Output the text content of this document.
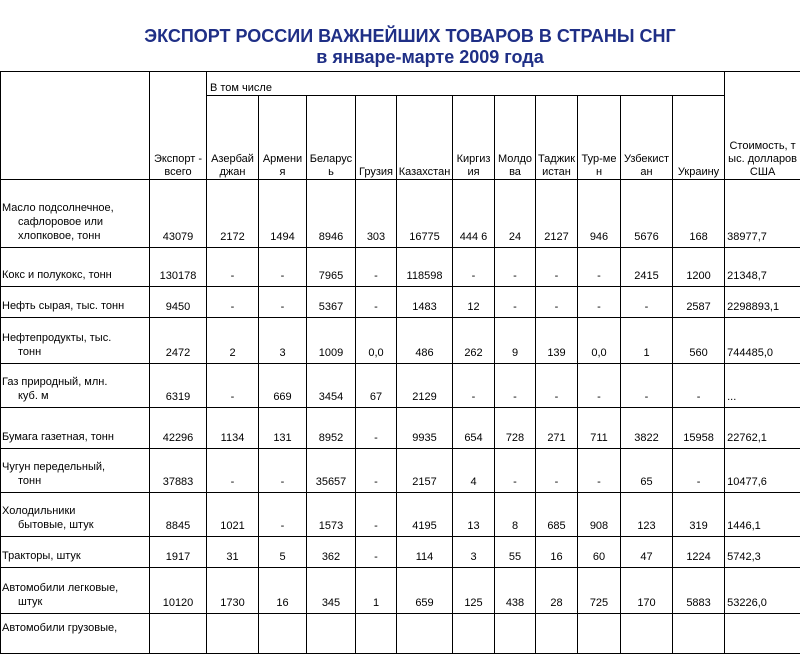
ЭКСПОРТ РОССИИ ВАЖНЕЙШИХ ТОВАРОВ В СТРАНЫ СНГ
в январе-марте 2009 года
	Экспорт - всего	В том числе											Стоимость, тыс. долларов США
		Азербайджан	Армения	Беларусь	Грузия	Казахстан	Киргизия	Молдова	Таджикистан	Тур-мен	Узбекистан	Украину	

Масло подсолнечное,
сафлоровое или
хлопковое, тонн	43079	2172	1494	8946	303	16775	444 6	24	2127	946	5676	168	38977,7

Кокс и полукокс, тонн	130178	-	-	7965	-	118598	-	-	-	-	2415	1200	21348,7

Нефть сырая, тыс. тонн	9450	-	-	5367	-	1483	12	-	-	-	-	2587	2298893,1

Нефтепродукты, тыс.
тонн	2472	2	3	1009	0,0	486	262	9	139	0,0	1	560	744485,0

Газ природный, млн.
куб. м	6319	-	669	3454	67	2129	-	-	-	-	-	-	...

Бумага газетная, тонн	42296	1134	131	8952	-	9935	654	728	271	711	3822	15958	22762,1

Чугун передельный,
тонн	37883	-	-	35657	-	2157	4	-	-	-	65	-	10477,6

Холодильники
бытовые, штук	8845	1021	-	1573	-	4195	13	8	685	908	123	319	1446,1

Тракторы, штук	1917	31	5	362	-	114	3	55	16	60	47	1224	5742,3

Автомобили легковые,
штук	10120	1730	16	345	1	659	125	438	28	725	170	5883	53226,0

Автомобили грузовые,													
